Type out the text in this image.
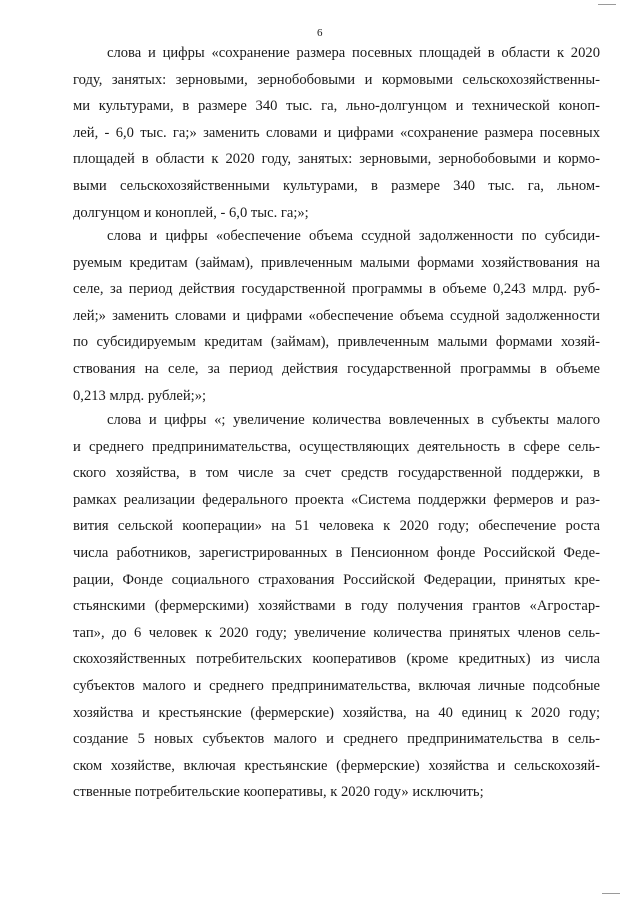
6
слова и цифры «сохранение размера посевных площадей в области к 2020
году, занятых: зерновыми, зернобобовыми и кормовыми сельскохозяйственны-
ми культурами, в размере 340 тыс. га, льно-долгунцом и технической коноп-
лей, - 6,0 тыс. га;» заменить словами и цифрами «сохранение размера посевных
площадей в области к 2020 году, занятых: зерновыми, зернобобовыми и кормо-
выми сельскохозяйственными культурами, в размере 340 тыс. га, льном-
долгунцом и коноплей, - 6,0 тыс. га;»;
слова и цифры «обеспечение объема ссудной задолженности по субсиди-
руемым кредитам (займам), привлеченным малыми формами хозяйствования на
селе, за период действия государственной программы в объеме 0,243 млрд. руб-
лей;» заменить словами и цифрами «обеспечение объема ссудной задолженности
по субсидируемым кредитам (займам), привлеченным малыми формами хозяй-
ствования на селе, за период действия государственной программы в объеме
0,213 млрд. рублей;»;
слова и цифры «; увеличение количества вовлеченных в субъекты малого
и среднего предпринимательства, осуществляющих деятельность в сфере сель-
ского хозяйства, в том числе за счет средств государственной поддержки, в
рамках реализации федерального проекта «Система поддержки фермеров и раз-
вития сельской кооперации» на 51 человека к 2020 году; обеспечение роста
числа работников, зарегистрированных в Пенсионном фонде Российской Феде-
рации, Фонде социального страхования Российской Федерации, принятых кре-
стьянскими (фермерскими) хозяйствами в году получения грантов «Агростар-
тап», до 6 человек к 2020 году; увеличение количества принятых членов сель-
скохозяйственных потребительских кооперативов (кроме кредитных) из числа
субъектов малого и среднего предпринимательства, включая личные подсобные
хозяйства и крестьянские (фермерские) хозяйства, на 40 единиц к 2020 году;
создание 5 новых субъектов малого и среднего предпринимательства в сель-
ском хозяйстве, включая крестьянские (фермерские) хозяйства и сельскохозяй-
ственные потребительские кооперативы, к 2020 году» исключить;
